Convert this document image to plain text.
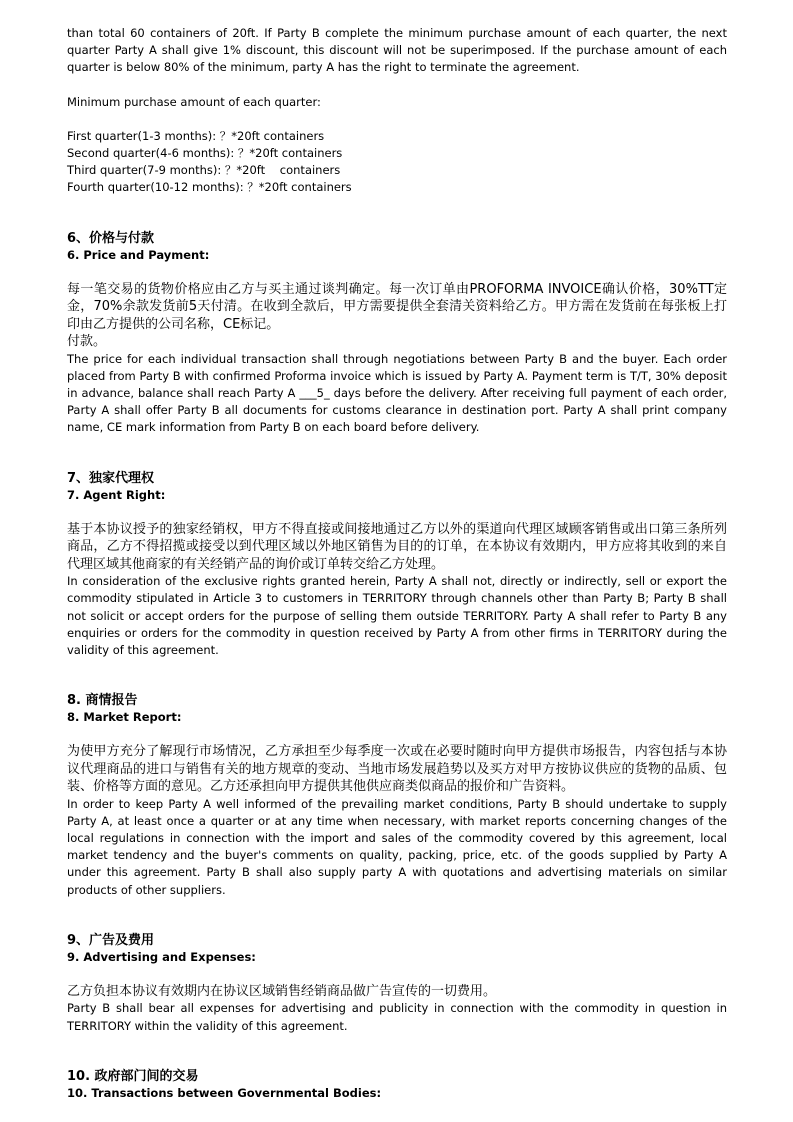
than total 60 containers of 20ft. If Party B complete the minimum purchase amount of each quarter, the next quarter Party A shall give 1% discount, this discount will not be superimposed. If the purchase amount of each quarter is below 80% of the minimum, party A has the right to terminate the agreement.

Minimum purchase amount of each quarter:

First quarter(1-3 months): ？*20ft containers

Second quarter(4-6 months): ？*20ft containers

Third quarter(7-9 months): ？*20ft    containers

Fourth quarter(10-12 months): ？*20ft containers

6、价格与付款

6. Price and Payment:

每一笔交易的货物价格应由乙方与买主通过谈判确定。每一次订单由PROFORMA INVOICE确认价格，30%TT定金，70%余款发货前5天付清。在收到全款后，甲方需要提供全套清关资料给乙方。甲方需在发货前在每张板上打印由乙方提供的公司名称，CE标记。

付款。

The price for each individual transaction shall through negotiations between Party B and the buyer. Each order placed from Party B with confirmed Proforma invoice which is issued by Party A. Payment term is T/T, 30% deposit in advance, balance shall reach Party A ___5_ days before the delivery. After receiving full payment of each order, Party A shall offer Party B all documents for customs clearance in destination port. Party A shall print company name, CE mark information from Party B on each board before delivery.

7、独家代理权

7. Agent Right:

基于本协议授予的独家经销权，甲方不得直接或间接地通过乙方以外的渠道向代理区域顾客销售或出口第三条所列商品，乙方不得招揽或接受以到代理区域以外地区销售为目的的订单，在本协议有效期内，甲方应将其收到的来自代理区域其他商家的有关经销产品的询价或订单转交给乙方处理。

In consideration of the exclusive rights granted herein, Party A shall not, directly or indirectly, sell or export the commodity stipulated in Article 3 to customers in TERRITORY through channels other than Party B; Party B shall not solicit or accept orders for the purpose of selling them outside TERRITORY. Party A shall refer to Party B any enquiries or orders for the commodity in question received by Party A from other firms in TERRITORY during the validity of this agreement.

8. 商情报告

8. Market Report:

为使甲方充分了解现行市场情况，乙方承担至少每季度一次或在必要时随时向甲方提供市场报告，内容包括与本协议代理商品的进口与销售有关的地方规章的变动、当地市场发展趋势以及买方对甲方按协议供应的货物的品质、包装、价格等方面的意见。乙方还承担向甲方提供其他供应商类似商品的报价和广告资料。

In order to keep Party A well informed of the prevailing market conditions, Party B should undertake to supply Party A, at least once a quarter or at any time when necessary, with market reports concerning changes of the local regulations in connection with the import and sales of the commodity covered by this agreement, local market tendency and the buyer's comments on quality, packing, price, etc. of the goods supplied by Party A under this agreement. Party B shall also supply party A with quotations and advertising materials on similar products of other suppliers.

9、广告及费用

9. Advertising and Expenses:

乙方负担本协议有效期内在协议区域销售经销商品做广告宣传的一切费用。

Party B shall bear all expenses for advertising and publicity in connection with the commodity in question in TERRITORY within the validity of this agreement.

10. 政府部门间的交易

10. Transactions between Governmental Bodies:
